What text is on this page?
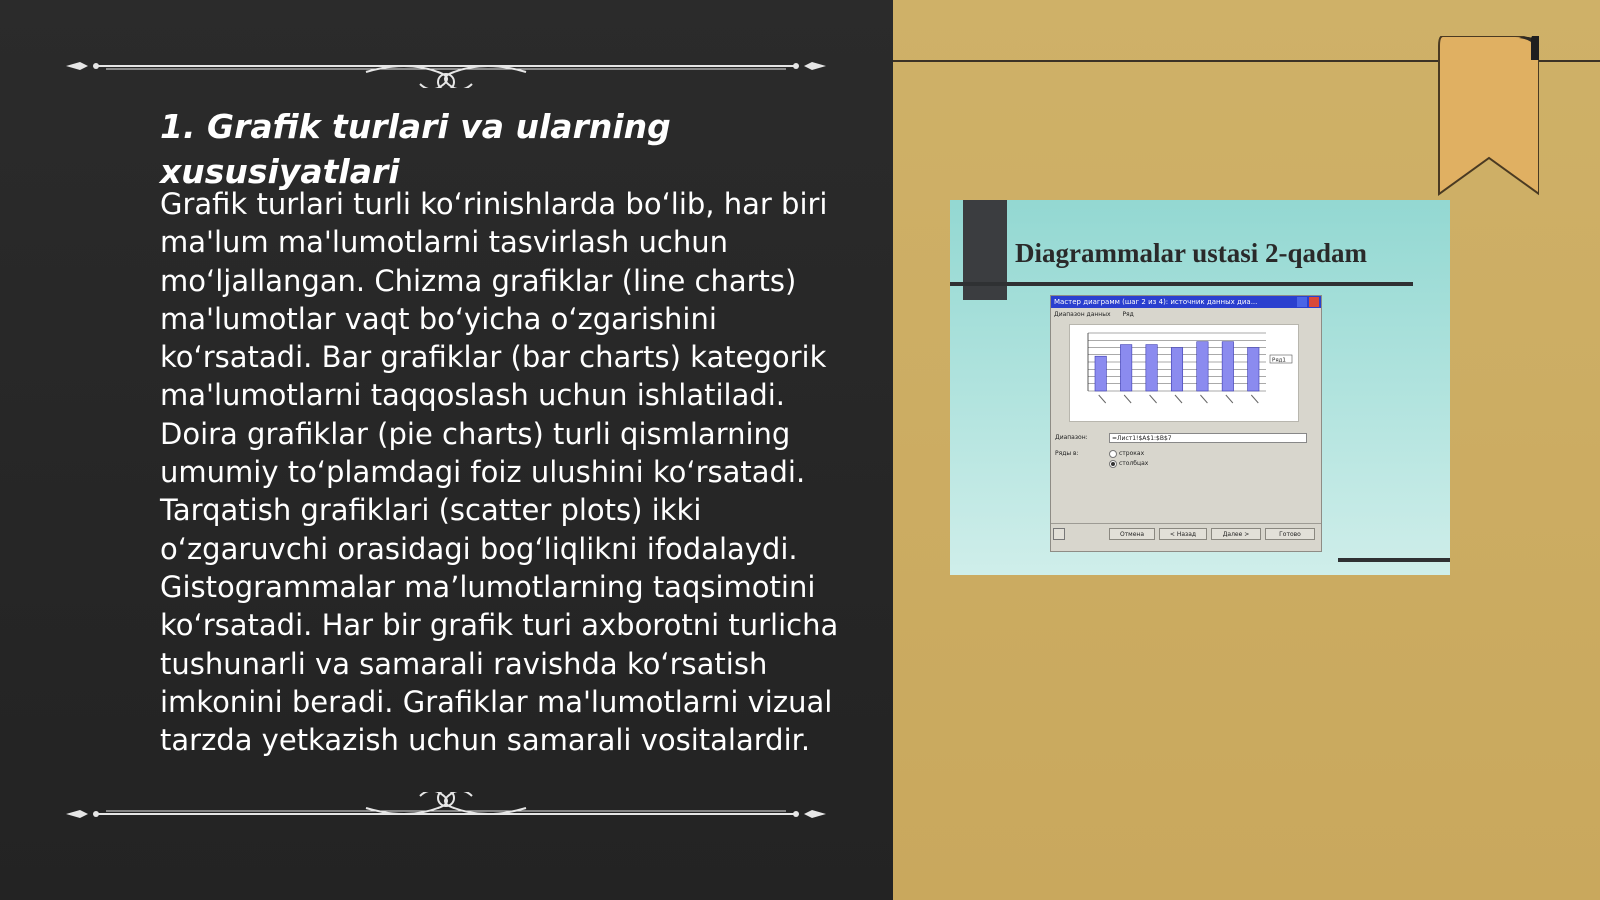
1. Grafik turlari va ularning
xususiyatlari

Grafik turlari turli ko‘rinishlarda bo‘lib, har biri ma'lum ma'lumotlarni tasvirlash uchun mo‘ljallangan. Chizma grafiklar (line charts) ma'lumotlar vaqt bo‘yicha o‘zgarishini ko‘rsatadi. Bar grafiklar (bar charts) kategorik ma'lumotlarni taqqoslash uchun ishlatiladi. Doira grafiklar (pie charts) turli qismlarning umumiy to‘plamdagi foiz ulushini ko‘rsatadi. Tarqatish grafiklari (scatter plots) ikki o‘zgaruvchi orasidagi bog‘liqlikni ifodalaydi. Gistogrammalar ma’lumotlarning taqsimotini ko‘rsatadi. Har bir grafik turi axborotni turlicha tushunarli va samarali ravishda ko‘rsatish imkonini beradi. Grafiklar ma'lumotlarni vizual tarzda yetkazish uchun samarali vositalardir.

Diagrammalar ustasi 2-qadam
Мастер диаграмм (шаг 2 из 4): источник данных диа...
Диапазон данных Ряд
Ряд1
Диапазон:	=Лист1!$A$1:$B$7
Ряды в:	строках
столбцах
Отмена	< Назад	Далее >	Готово
